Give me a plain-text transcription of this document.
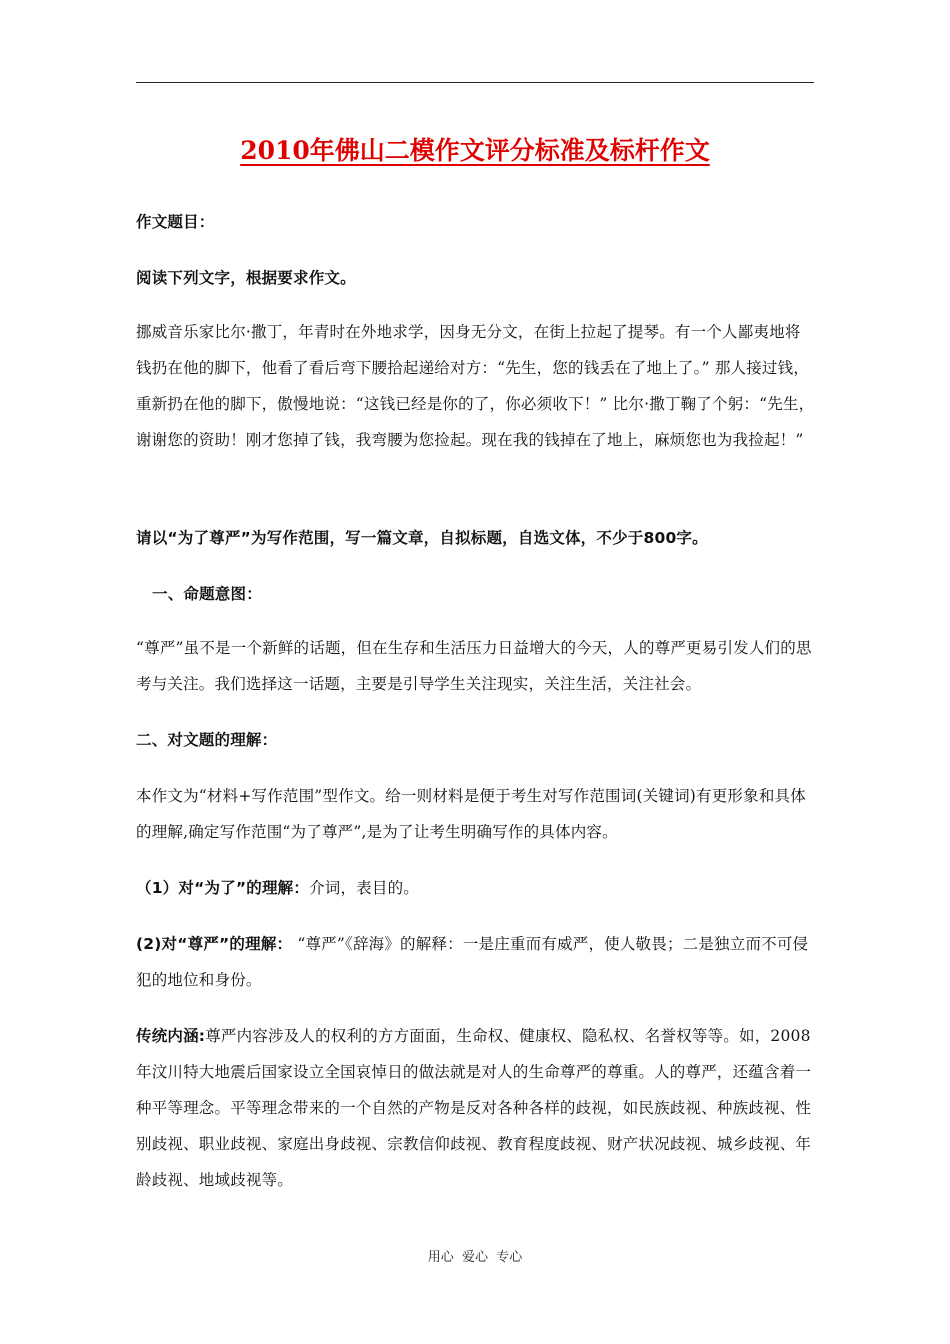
2010年佛山二模作文评分标准及标杆作文
作文题目：
阅读下列文字，根据要求作文。
挪威音乐家比尔·撒丁，年青时在外地求学，因身无分文，在街上拉起了提琴。有一个人鄙夷地将钱扔在他的脚下，他看了看后弯下腰拾起递给对方：“先生，您的钱丢在了地上了。” 那人接过钱，重新扔在他的脚下，傲慢地说：“这钱已经是你的了，你必须收下！” 比尔·撒丁鞠了个躬：“先生，谢谢您的资助！刚才您掉了钱，我弯腰为您捡起。现在我的钱掉在了地上，麻烦您也为我捡起！”
请以“为了尊严”为写作范围，写一篇文章，自拟标题，自选文体，不少于800字。
一、命题意图：
“尊严”虽不是一个新鲜的话题，但在生存和生活压力日益增大的今天，人的尊严更易引发人们的思考与关注。我们选择这一话题，主要是引导学生关注现实，关注生活，关注社会。
二、对文题的理解：
本作文为“材料+写作范围”型作文。给一则材料是便于考生对写作范围词(关键词)有更形象和具体的理解,确定写作范围“为了尊严”,是为了让考生明确写作的具体内容。
（1）对“为了”的理解：介词，表目的。
(2)对“尊严”的理解： “尊严”《辞海》的解释：一是庄重而有威严，使人敬畏；二是独立而不可侵犯的地位和身份。
传统内涵:尊严内容涉及人的权利的方方面面，生命权、健康权、隐私权、名誉权等等。如，2008年汶川特大地震后国家设立全国哀悼日的做法就是对人的生命尊严的尊重。人的尊严，还蕴含着一种平等理念。平等理念带来的一个自然的产物是反对各种各样的歧视，如民族歧视、种族歧视、性别歧视、职业歧视、家庭出身歧视、宗教信仰歧视、教育程度歧视、财产状况歧视、城乡歧视、年龄歧视、地域歧视等。
用心  爱心  专心
